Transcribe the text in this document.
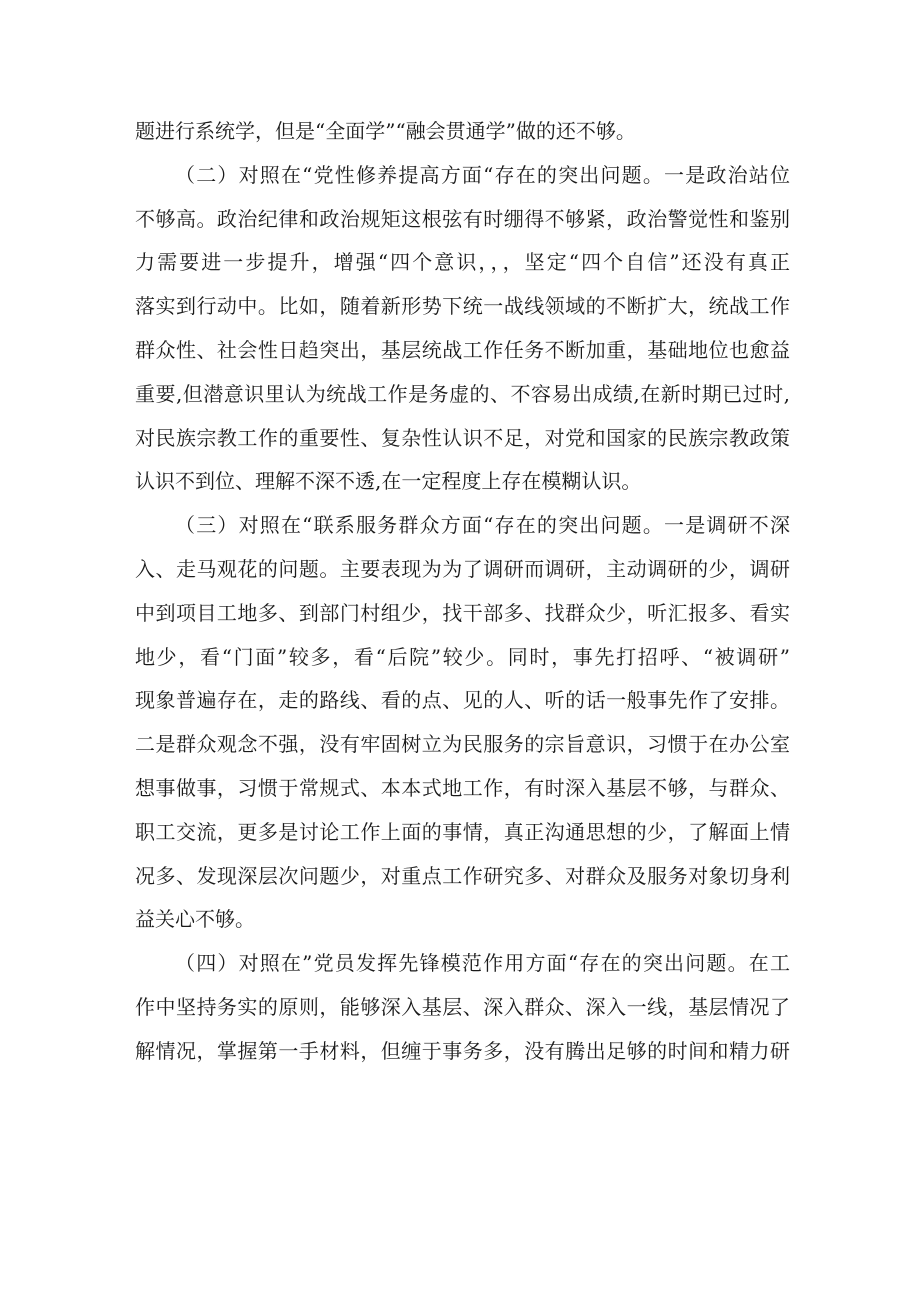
题进行系统学，但是“全面学”“融会贯通学”做的还不够。
（二）对照在“党性修养提高方面“存在的突出问题。一是政治站位
不够高。政治纪律和政治规矩这根弦有时绷得不够紧，政治警觉性和鉴别
力需要进一步提升，增强“四个意识，，，坚定“四个自信”还没有真正
落实到行动中。比如，随着新形势下统一战线领域的不断扩大，统战工作
群众性、社会性日趋突出，基层统战工作任务不断加重，基础地位也愈益
重要,但潜意识里认为统战工作是务虚的、不容易出成绩,在新时期已过时,
对民族宗教工作的重要性、复杂性认识不足，对党和国家的民族宗教政策
认识不到位、理解不深不透,在一定程度上存在模糊认识。
（三）对照在“联系服务群众方面“存在的突出问题。一是调研不深
入、走马观花的问题。主要表现为为了调研而调研，主动调研的少，调研
中到项目工地多、到部门村组少，找干部多、找群众少，听汇报多、看实
地少，看“门面”较多，看“后院”较少。同时，事先打招呼、“被调研”
现象普遍存在，走的路线、看的点、见的人、听的话一般事先作了安排。
二是群众观念不强，没有牢固树立为民服务的宗旨意识，习惯于在办公室
想事做事，习惯于常规式、本本式地工作，有时深入基层不够，与群众、
职工交流，更多是讨论工作上面的事情，真正沟通思想的少，了解面上情
况多、发现深层次问题少，对重点工作研究多、对群众及服务对象切身利
益关心不够。
（四）对照在”党员发挥先锋模范作用方面“存在的突出问题。在工
作中坚持务实的原则，能够深入基层、深入群众、深入一线，基层情况了
解情况，掌握第一手材料，但缠于事务多，没有腾出足够的时间和精力研
